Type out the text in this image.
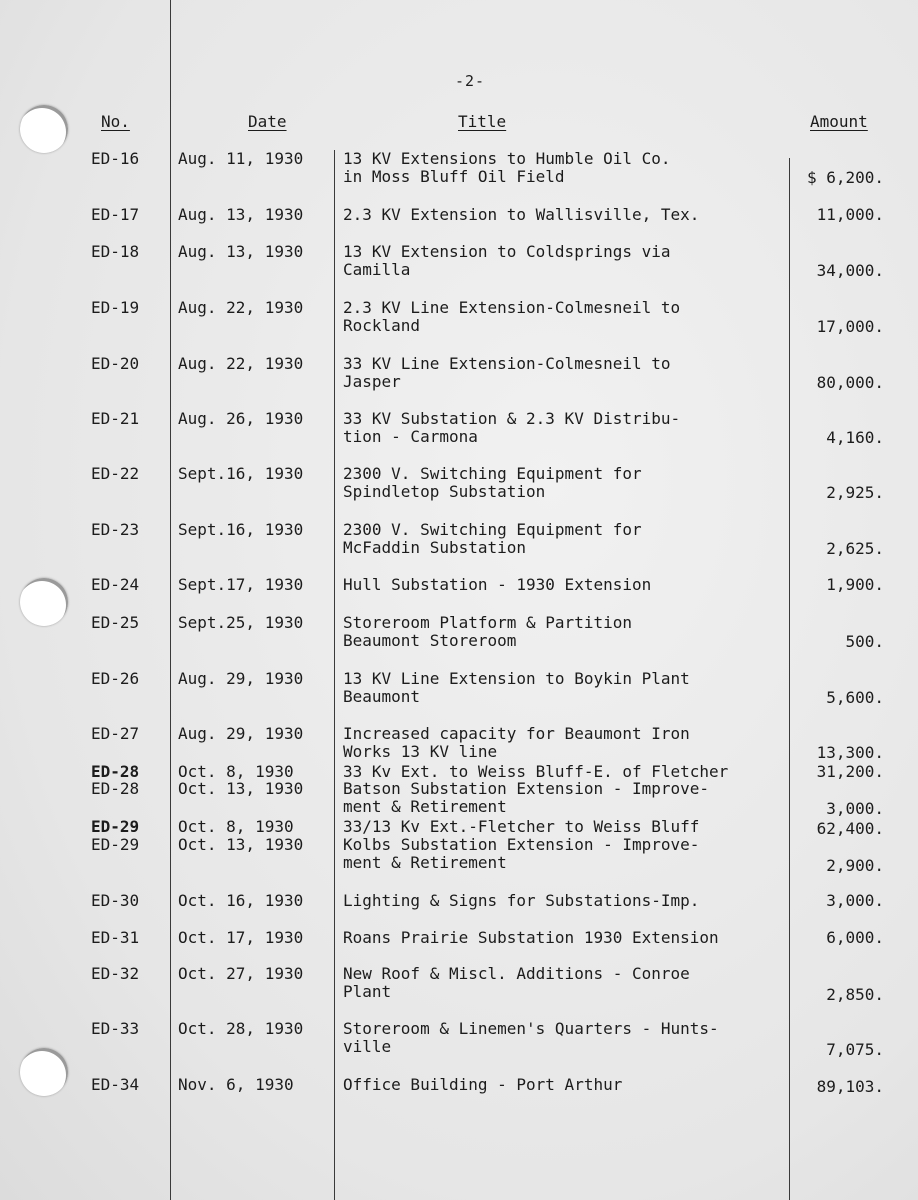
-2-
No.	Date	Title	Amount
ED-16 Aug. 11, 1930 13 KV Extensions to Humble Oil Co.
in Moss Bluff Oil Field	$ 6,200.
ED-17 Aug. 13, 1930 2.3 KV Extension to Wallisville, Tex.	11,000.
ED-18 Aug. 13, 1930 13 KV Extension to Coldsprings via
Camilla	34,000.
ED-19 Aug. 22, 1930 2.3 KV Line Extension-Colmesneil to
Rockland	17,000.
ED-20 Aug. 22, 1930 33 KV Line Extension-Colmesneil to
Jasper	80,000.
ED-21 Aug. 26, 1930 33 KV Substation & 2.3 KV Distribu-
tion - Carmona	4,160.
ED-22 Sept.16, 1930 2300 V. Switching Equipment for
Spindletop Substation	2,925.
ED-23 Sept.16, 1930 2300 V. Switching Equipment for
McFaddin Substation	2,625.
ED-24 Sept.17, 1930 Hull Substation - 1930 Extension	1,900.
ED-25 Sept.25, 1930 Storeroom Platform & Partition
Beaumont Storeroom	500.
ED-26 Aug. 29, 1930 13 KV Line Extension to Boykin Plant
Beaumont	5,600.
ED-27 Aug. 29, 1930 Increased capacity for Beaumont Iron
Works 13 KV line	13,300.
ED-28 Oct. 8, 1930	33 Kv Ext. to Weiss Bluff-E. of Fletcher	31,200.
ED-28 Oct. 13, 1930 Batson Substation Extension - Improve-
ment & Retirement	3,000.
ED-29 Oct. 8, 1930	33/13 Kv Ext.-Fletcher to Weiss Bluff	62,400.
ED-29 Oct. 13, 1930 Kolbs Substation Extension - Improve-
ment & Retirement	2,900.
ED-30 Oct. 16, 1930 Lighting & Signs for Substations-Imp.	3,000.
ED-31 Oct. 17, 1930 Roans Prairie Substation 1930 Extension	6,000.
ED-32 Oct. 27, 1930 New Roof & Miscl. Additions - Conroe
Plant	2,850.
ED-33 Oct. 28, 1930 Storeroom & Linemen's Quarters - Hunts-
ville	7,075.
ED-34 Nov. 6, 1930	Office Building - Port Arthur	89,103.
